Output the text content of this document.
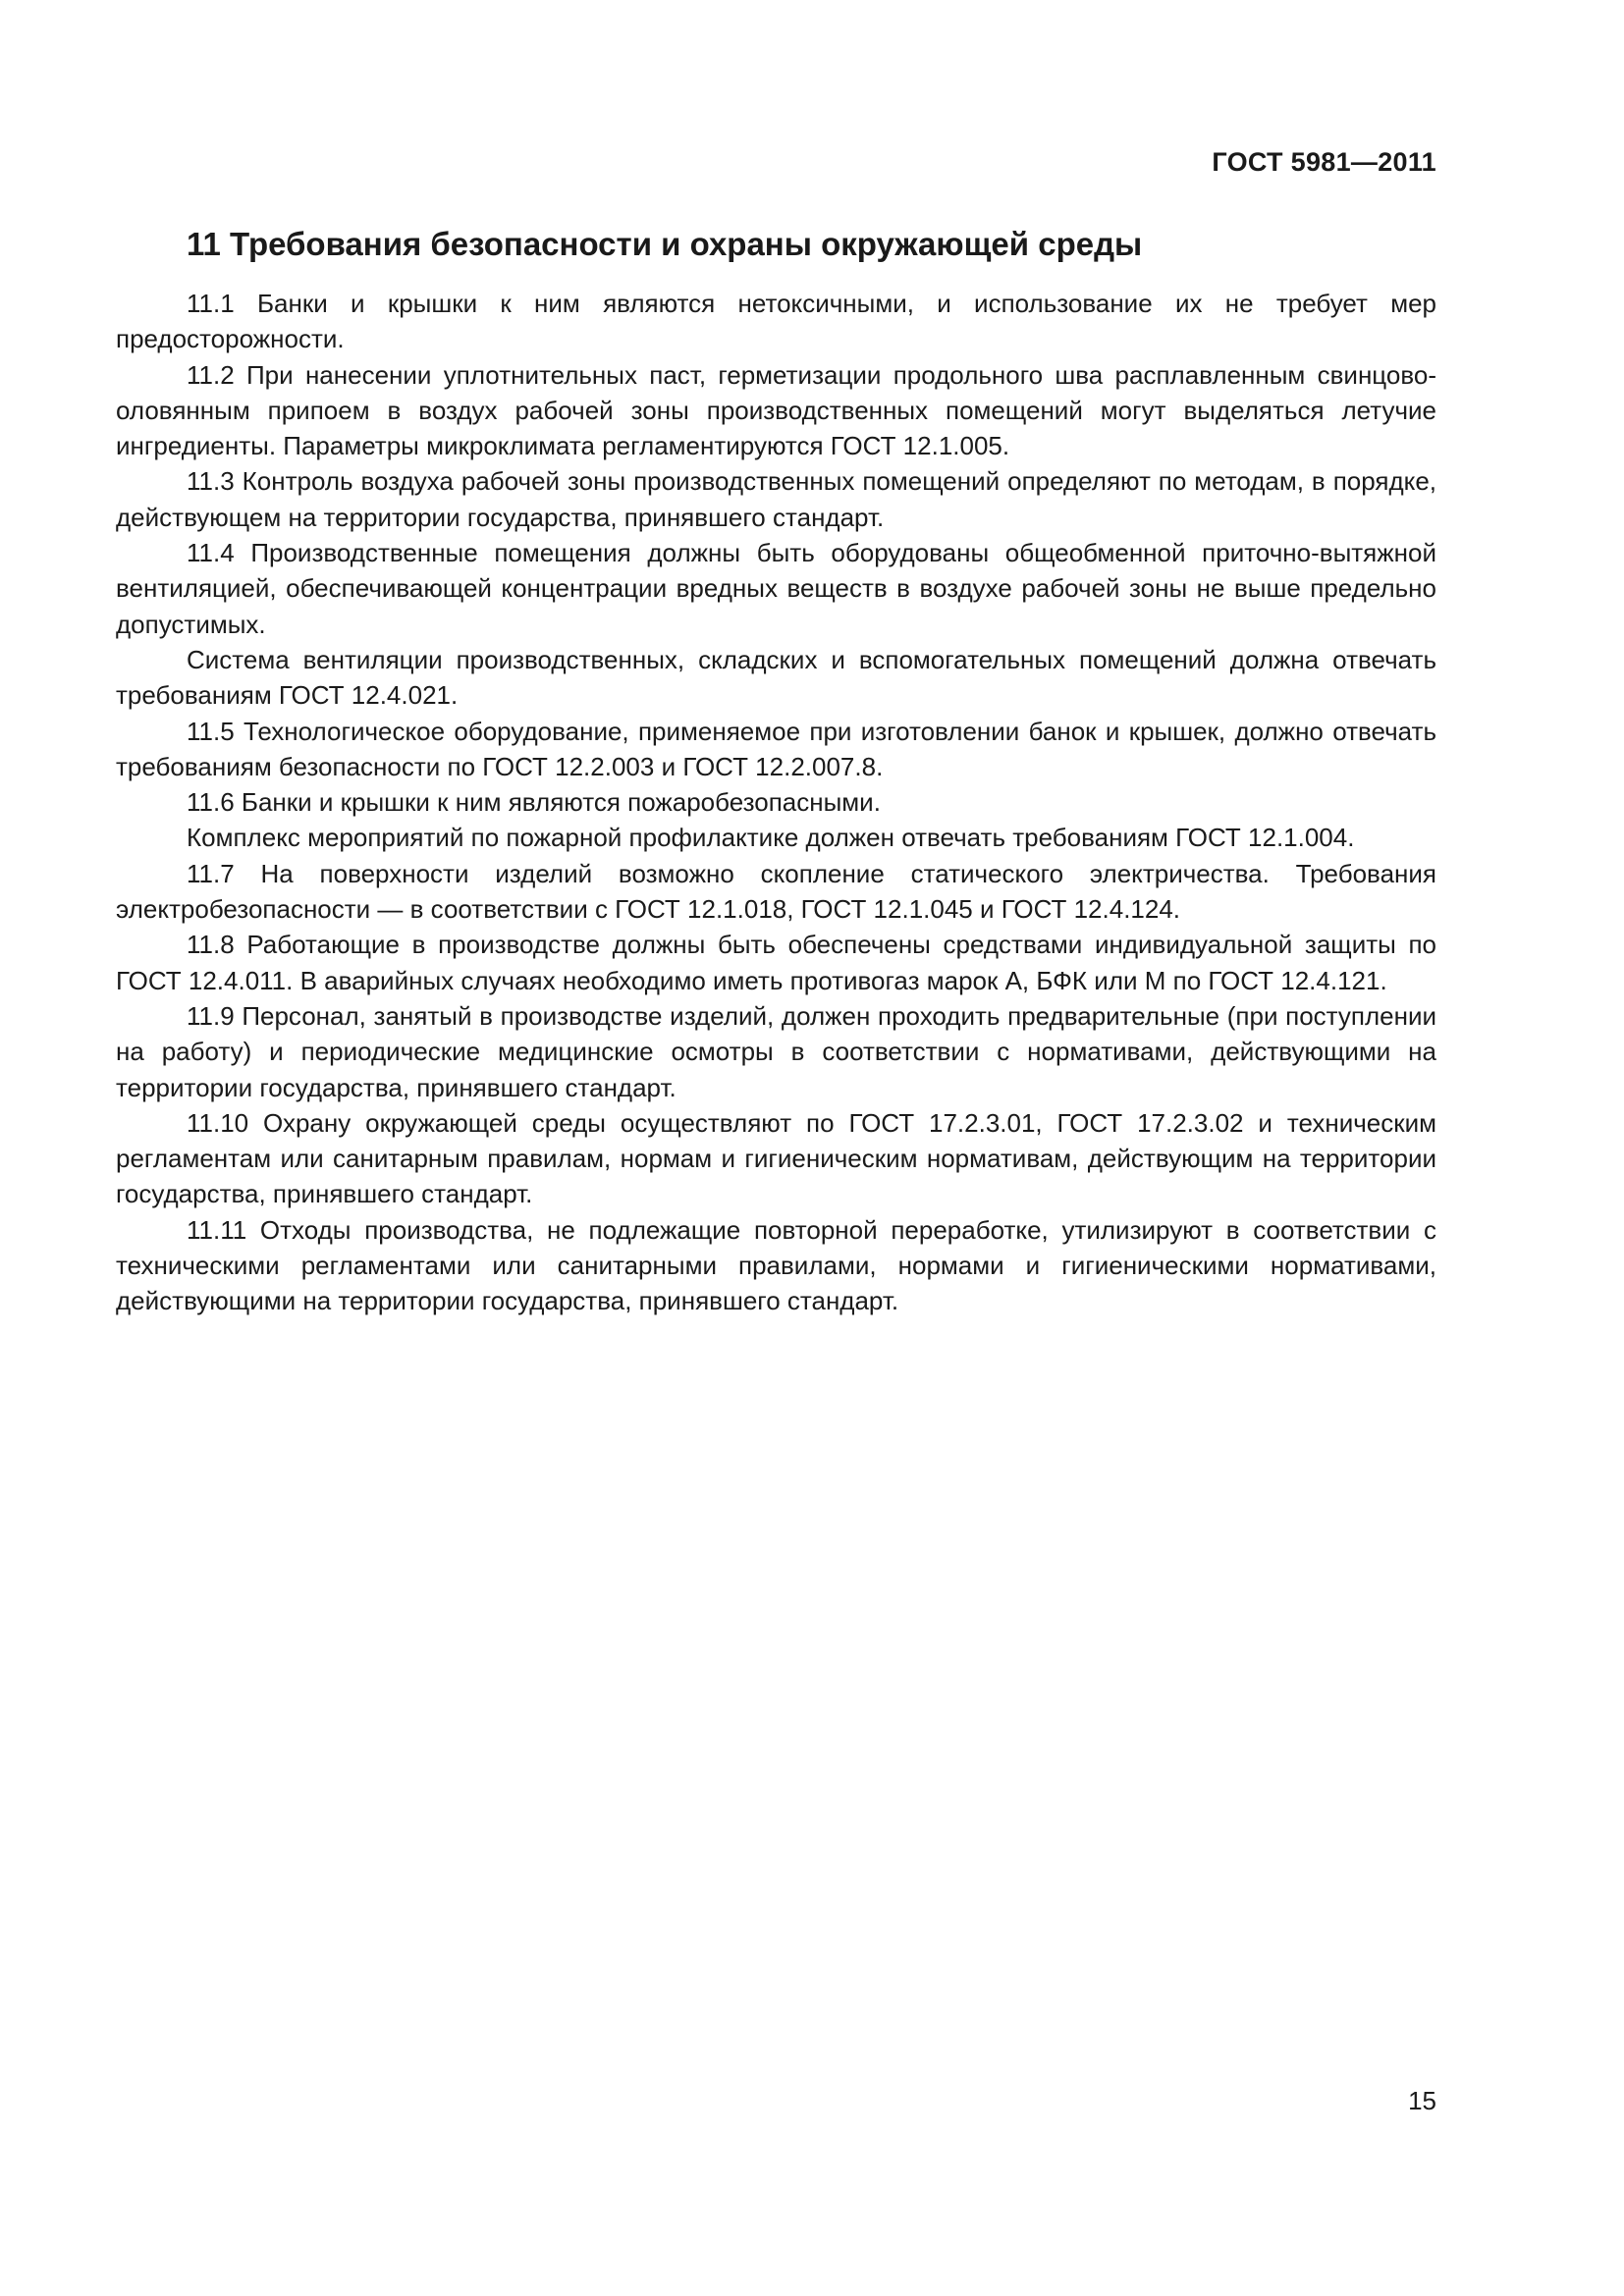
ГОСТ 5981—2011
11 Требования безопасности и охраны окружающей среды

11.1 Банки и крышки к ним являются нетоксичными, и использование их не требует мер предосторожности.

11.2 При нанесении уплотнительных паст, герметизации продольного шва расплавленным свинцово-оловянным припоем в воздух рабочей зоны производственных помещений могут выделяться летучие ингредиенты. Параметры микроклимата регламентируются ГОСТ 12.1.005.

11.3 Контроль воздуха рабочей зоны производственных помещений определяют по методам, в порядке, действующем на территории государства, принявшего стандарт.

11.4 Производственные помещения должны быть оборудованы общеобменной приточно-вытяжной вентиляцией, обеспечивающей концентрации вредных веществ в воздухе рабочей зоны не выше предельно допустимых.

Система вентиляции производственных, складских и вспомогательных помещений должна отвечать требованиям ГОСТ 12.4.021.

11.5 Технологическое оборудование, применяемое при изготовлении банок и крышек, должно отвечать требованиям безопасности по ГОСТ 12.2.003 и ГОСТ 12.2.007.8.

11.6 Банки и крышки к ним являются пожаробезопасными.

Комплекс мероприятий по пожарной профилактике должен отвечать требованиям ГОСТ 12.1.004.

11.7 На поверхности изделий возможно скопление статического электричества. Требования электробезопасности — в соответствии с ГОСТ 12.1.018, ГОСТ 12.1.045 и ГОСТ 12.4.124.

11.8 Работающие в производстве должны быть обеспечены средствами индивидуальной защиты по ГОСТ 12.4.011. В аварийных случаях необходимо иметь противогаз марок А, БФК или М по ГОСТ 12.4.121.

11.9 Персонал, занятый в производстве изделий, должен проходить предварительные (при поступлении на работу) и периодические медицинские осмотры в соответствии с нормативами, действующими на территории государства, принявшего стандарт.

11.10 Охрану окружающей среды осуществляют по ГОСТ 17.2.3.01, ГОСТ 17.2.3.02 и техническим регламентам или санитарным правилам, нормам и гигиеническим нормативам, действующим на территории государства, принявшего стандарт.

11.11 Отходы производства, не подлежащие повторной переработке, утилизируют в соответствии с техническими регламентами или санитарными правилами, нормами и гигиеническими нормативами, действующими на территории государства, принявшего стандарт.

15
